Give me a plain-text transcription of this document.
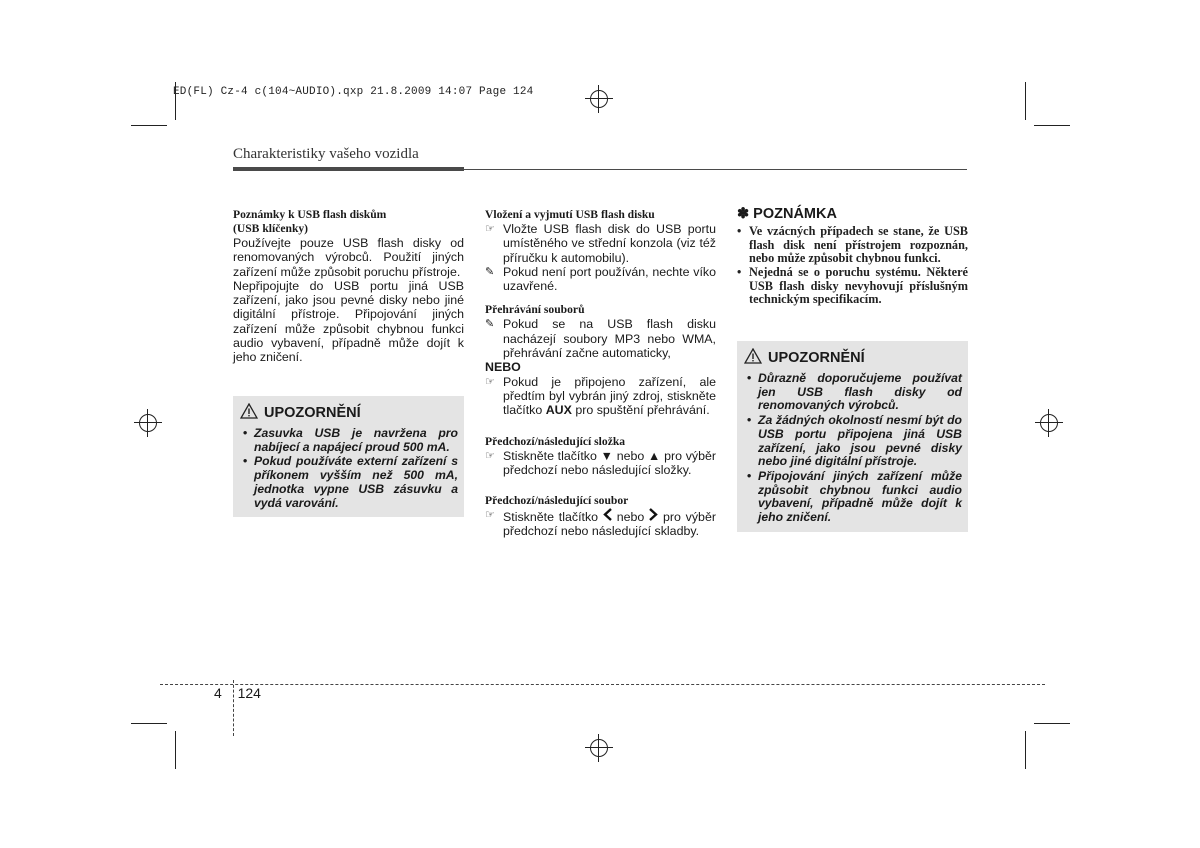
ED(FL) Cz-4 c(104~AUDIO).qxp 21.8.2009 14:07 Page 124
Charakteristiky vašeho vozidla

Poznámky k USB flash diskům

(USB klíčenky)

Používejte pouze USB flash disky od renomovaných výrobců. Použití jiných zařízení může způsobit poruchu přístroje.

Nepřipojujte do USB portu jiná USB zařízení, jako jsou pevné disky nebo jiné digitální přístroje. Připojování jiných zařízení může způsobit chybnou funkci audio vybavení, případně může dojít k jeho zničení.

UPOZORNĚNÍ
• Zasuvka USB je navržena pro nabíjecí a napájecí proud 500 mA.
• Pokud používáte externí zařízení s příkonem vyšším než 500 mA, jednotka vypne USB zásuvku a vydá varování.

Vložení a vyjmutí USB flash disku

☞ Vložte USB flash disk do USB portu umístěného ve střední konzola (viz též příručku k automobilu).
✎ Pokud není port používán, nechte víko uzavřené.

Přehrávání souborů

✎ Pokud se na USB flash disku nacházejí soubory MP3 nebo WMA, přehrávání začne automaticky,

NEBO

☞ Pokud je připojeno zařízení, ale předtím byl vybrán jiný zdroj, stiskněte tlačítko AUX pro spuštění přehrávání.

Předchozí/následující složka

☞ Stiskněte tlačítko ▼ nebo ▲ pro výběr předchozí nebo následující složky.

Předchozí/následující soubor

☞ Stiskněte tlačítko nebo pro výběr předchozí nebo následující skladby.
✽ POZNÁMKA
• Ve vzácných případech se stane, že USB flash disk není přístrojem rozpoznán, nebo může způsobit chybnou funkci.
• Nejedná se o poruchu systému. Některé USB flash disky nevyhovují příslušným technickým specifikacím.
UPOZORNĚNÍ
• Důrazně doporučujeme používat jen USB flash disky od renomovaných výrobců.
• Za žádných okolností nesmí být do USB portu připojena jiná USB zařízení, jako jsou pevné disky nebo jiné digitální přístroje.
• Připojování jiných zařízení může způsobit chybnou funkci audio vybavení, případně může dojít k jeho zničení.
4 124
